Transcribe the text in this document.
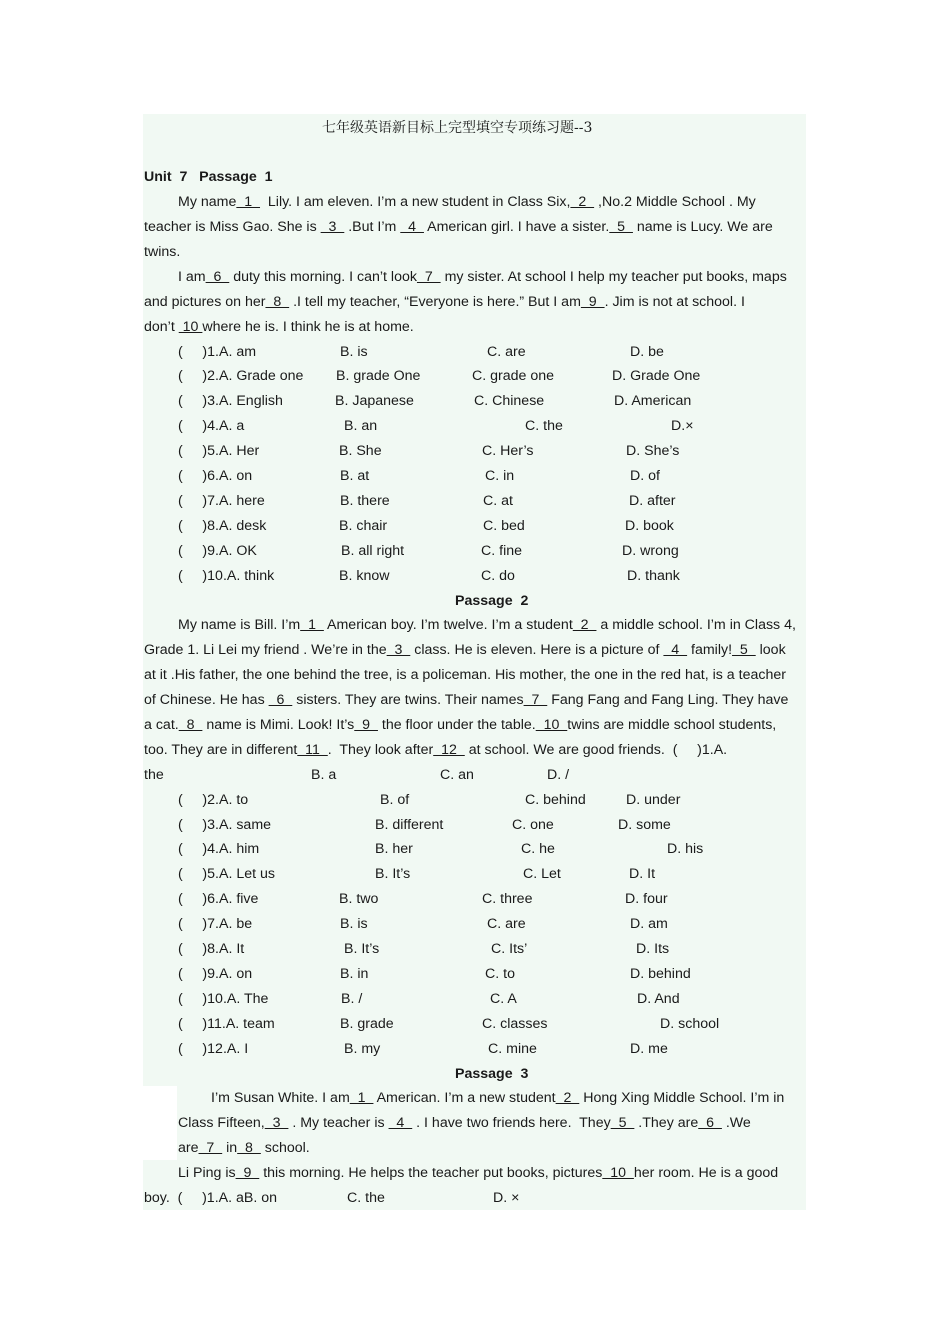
七年级英语新目标上完型填空专项练习题--3
Unit  7   Passage  1
My name  1    Lily. I am eleven. I’m a new student in Class Six,  2   ,No.2 Middle School . My
teacher is Miss Gao. She is   3   .But I’m   4   American girl. I have a sister.  5   name is Lucy. We are
twins.
I am  6   duty this morning. I can’t look  7   my sister. At school I help my teacher put books, maps
and pictures on her  8   .I tell my teacher, “Everyone is here.” But I am  9  . Jim is not at school. I
don’t  10 where he is. I think he is at home.
(     )1.A. am	B. is	C. are	D. be
(     )2.A. Grade one B. grade One	C. grade one	D. Grade One
(     )3.A. English	B. Japanese	C. Chinese	D. American
(     )4.A. a	B. an	C. the	D.×
(     )5.A. Her	B. She	C. Her’s	D. She’s
(     )6.A. on	B. at	C. in	D. of
(     )7.A. here	B. there	C. at	D. after
(     )8.A. desk	B. chair	C. bed	D. book
(     )9.A. OK	B. all right	C. fine	D. wrong
(     )10.A. think	B. know	C. do	D. thank
Passage  2
My name is Bill. I’m  1   American boy. I’m twelve. I’m a student  2   a middle school. I’m in Class 4,
Grade 1. Li Lei my friend . We’re in the  3   class. He is eleven. Here is a picture of   4   family!  5   look
at it .His father, the one behind the tree, is a policeman. His mother, the one in the red hat, is a teacher
of Chinese. He has   6   sisters. They are twins. Their names  7   Fang Fang and Fang Ling. They have
a cat.  8   name is Mimi. Look! It’s  9   the floor under the table.  10  twins are middle school students,
too. They are in different  11  .  They look after  12   at school. We are good friends.  (     )1.A.
the	B. a	C. an	D. /
(     )2.A. to	B. of	C. behind	D. under
(     )3.A. same	B. different	C. one	D. some
(     )4.A. him	B. her	C. he	D. his
(     )5.A. Let us	B. It’s	C. Let	D. It
(     )6.A. five	B. two	C. three	D. four
(     )7.A. be	B. is	C. are	D. am
(     )8.A. It	B. It’s	C. Its’	D. Its
(     )9.A. on	B. in	C. to	D. behind
(     )10.A. The	B. /	C. A	D. And
(     )11.A. team	B. grade	C. classes	D. school
(     )12.A. I	B. my	C. mine	D. me
Passage  3
I’m Susan White. I am  1   American. I’m a new student  2   Hong Xing Middle School. I’m in
Class Fifteen,  3   . My teacher is   4   . I have two friends here.  They  5   .They are  6   .We
are  7   in  8   school.
Li Ping is  9   this morning. He helps the teacher put books, pictures  10  her room. He is a good
boy.  (     )1.A. aB. on	C. the	D. ×
